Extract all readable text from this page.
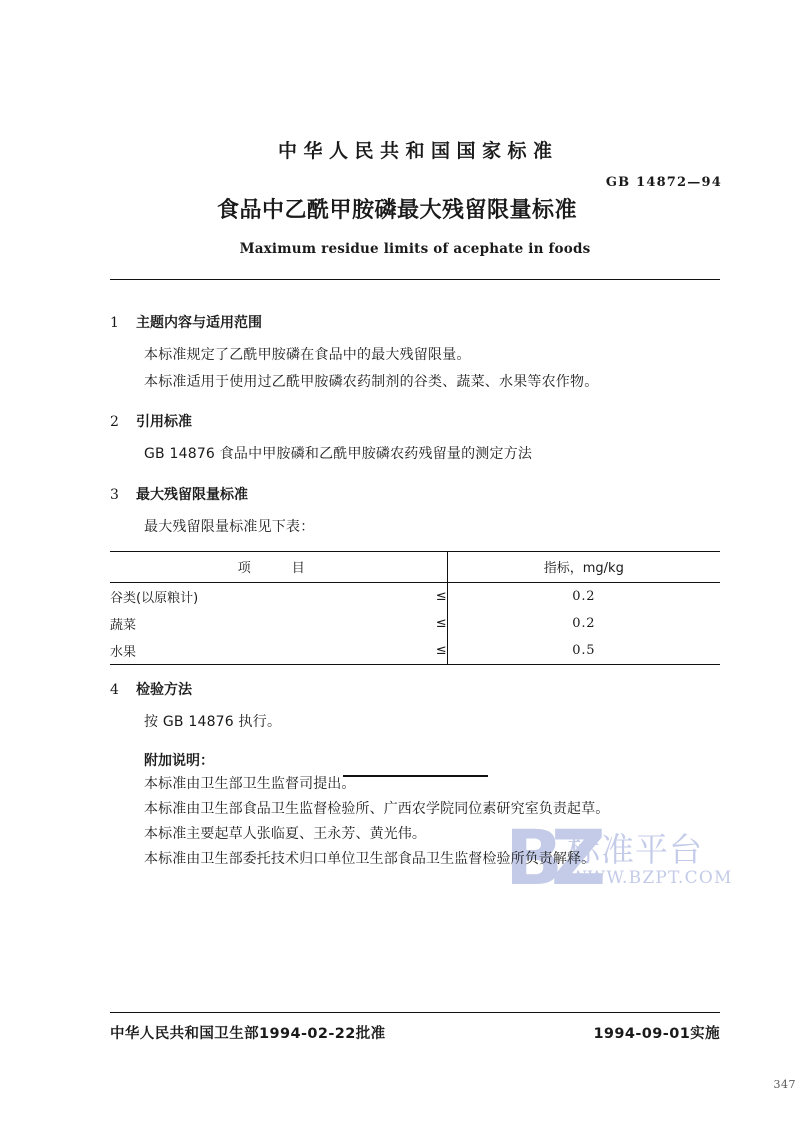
BZ
标准平台
WWW.BZPT.COM
中华人民共和国国家标准
食品中乙酰甲胺磷最大残留限量标准
GB 14872—94
Maximum residue limits of acephate in foods
1 主题内容与适用范围

本标准规定了乙酰甲胺磷在食品中的最大残留限量。

本标准适用于使用过乙酰甲胺磷农药制剂的谷类、蔬菜、水果等农作物。

2 引用标准

GB 14876 食品中甲胺磷和乙酰甲胺磷农药残留量的测定方法

3 最大残留限量标准

最大残留限量标准见下表：

项　目		指标，mg/kg
谷类(以原粮计)	≤	0.2
蔬菜	≤	0.2
水果	≤	0.5
4 检验方法

按 GB 14876 执行。

附加说明：

本标准由卫生部卫生监督司提出。

本标准由卫生部食品卫生监督检验所、广西农学院同位素研究室负责起草。

本标准主要起草人张临夏、王永芳、黄光伟。

本标准由卫生部委托技术归口单位卫生部食品卫生监督检验所负责解释。

中华人民共和国卫生部1994-02-22批准	1994-09-01实施
347
